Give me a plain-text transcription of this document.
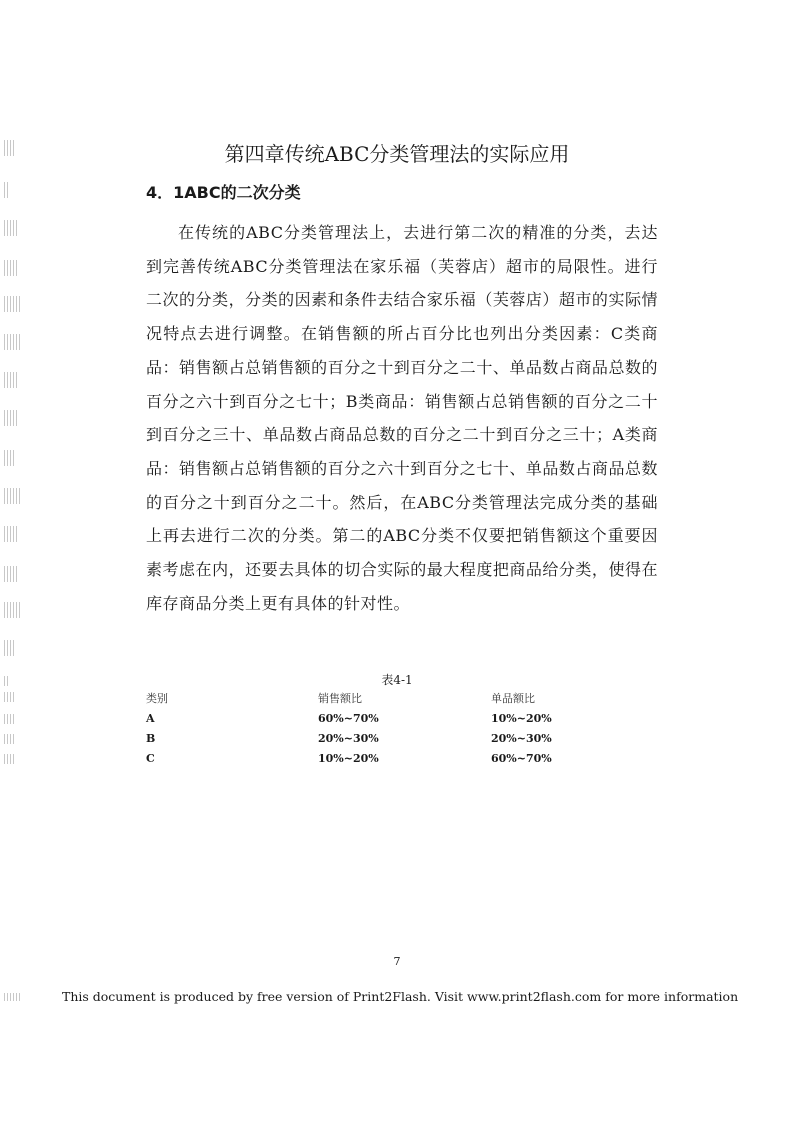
第四章传统ABC分类管理法的实际应用
4．1ABC的二次分类

在传统的ABC分类管理法上，去进行第二次的精准的分类，去达到完善传统ABC分类管理法在家乐福（芙蓉店）超市的局限性。进行二次的分类，分类的因素和条件去结合家乐福（芙蓉店）超市的实际情况特点去进行调整。在销售额的所占百分比也列出分类因素：C类商品：销售额占总销售额的百分之十到百分之二十、单品数占商品总数的百分之六十到百分之七十；B类商品：销售额占总销售额的百分之二十到百分之三十、单品数占商品总数的百分之二十到百分之三十；A类商品：销售额占总销售额的百分之六十到百分之七十、单品数占商品总数的百分之十到百分之二十。然后，在ABC分类管理法完成分类的基础上再去进行二次的分类。第二的ABC分类不仅要把销售额这个重要因素考虑在内，还要去具体的切合实际的最大程度把商品给分类，使得在库存商品分类上更有具体的针对性。

表4-1
类别	销售额比	单品额比
A	60%~70%	10%~20%
B	20%~30%	20%~30%
C	10%~20%	60%~70%
7
This document is produced by free version of Print2Flash. Visit www.print2flash.com for more information
